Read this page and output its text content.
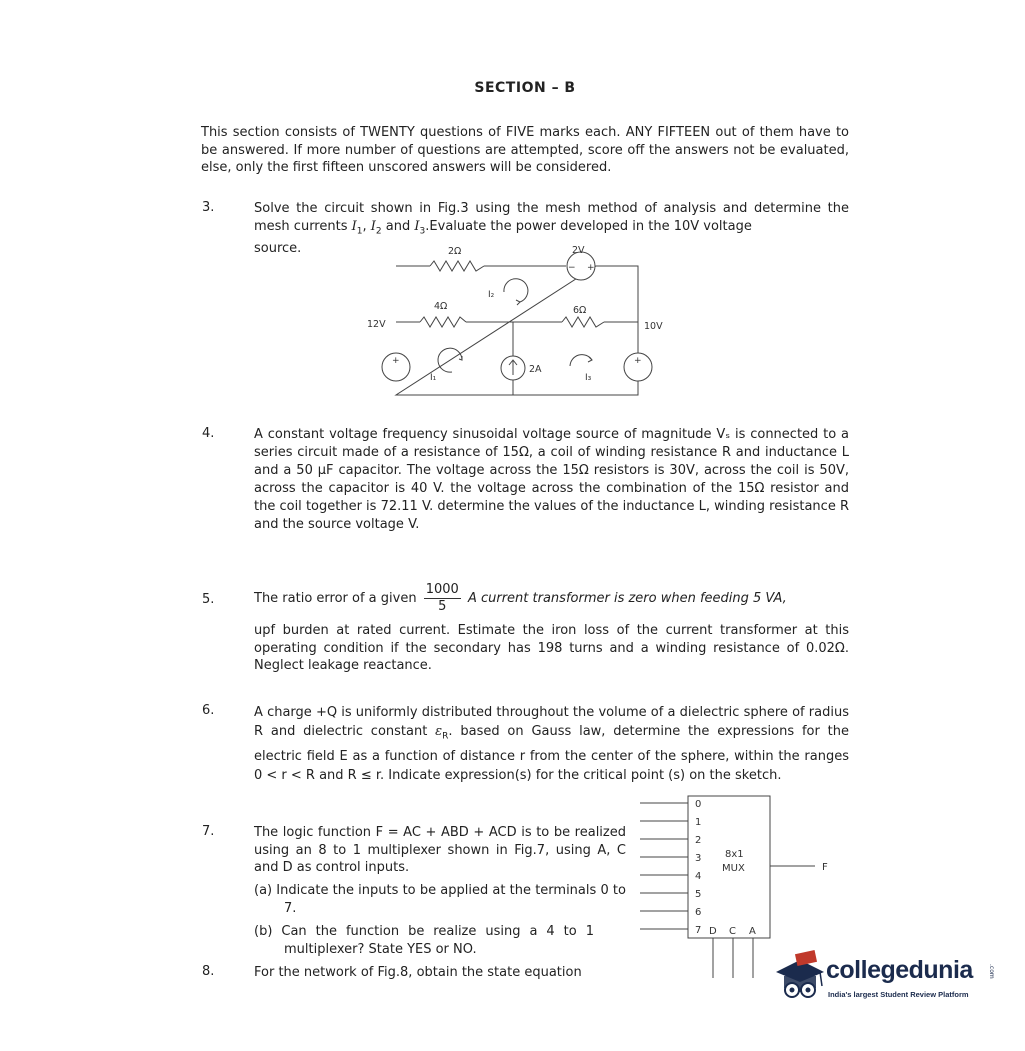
SECTION – B
This section consists of TWENTY questions of FIVE marks each. ANY FIFTEEN out of them have to be answered. If more number of questions are attempted, score off the answers not be evaluated, else, only the first fifteen unscored answers will be considered.
3.	Solve the circuit shown in Fig.3 using the mesh method of analysis and determine the mesh currents $I_1$, $I_2$ and $I_3.Evaluate$ the power developed in the 10V voltage
source.	2Ω	2V
− +
4Ω	6Ω
12V	10V
+	+
2A
I₁
I₂
I₃
4.	A constant voltage frequency sinusoidal voltage source of magnitude Vₛ is connected to a series circuit made of a resistance of 15Ω, a coil of winding resistance R and inductance L and a 50 µF capacitor. The voltage across the 15Ω resistors is 30V, across the coil is 50V, across the capacitor is 40 V. the voltage across the combination of the 15Ω resistor and the coil together is 72.11 V. determine the values of the inductance L, winding resistance R and the source voltage V.
5.	The ratio error of a given $\frac{1000}{5}$ A current transformer is zero when feeding 5 VA,
upf burden at rated current. Estimate the iron loss of the current transformer at this operating condition if the secondary has 198 turns and a winding resistance of 0.02Ω. Neglect leakage reactance.
6.	A charge +Q is uniformly distributed throughout the volume of a dielectric sphere of radius R and dielectric constant $\varepsilon_R$. based on Gauss law, determine the expressions for the electric field E as a function of distance r from the center of the sphere, within the ranges 0 < r < R and R ≤ r. Indicate expression(s) for the critical point (s) on the sketch.
7.	The logic function F = AC + ABD + ACD is to be realized using an 8 to 1 multiplexer shown in Fig.7, using A, C and D as control inputs.
(a) Indicate the inputs to be applied at the terminals 0 to 7.
(b) Can the function be realize using a 4 to 1 multiplexer? State YES or NO.
0
1
2
3
4
5
6
7
8x1
MUX	F
D C A
8.	For the network of Fig.8, obtain the state equation	collegedunia	.com
India's largest Student Review Platform
